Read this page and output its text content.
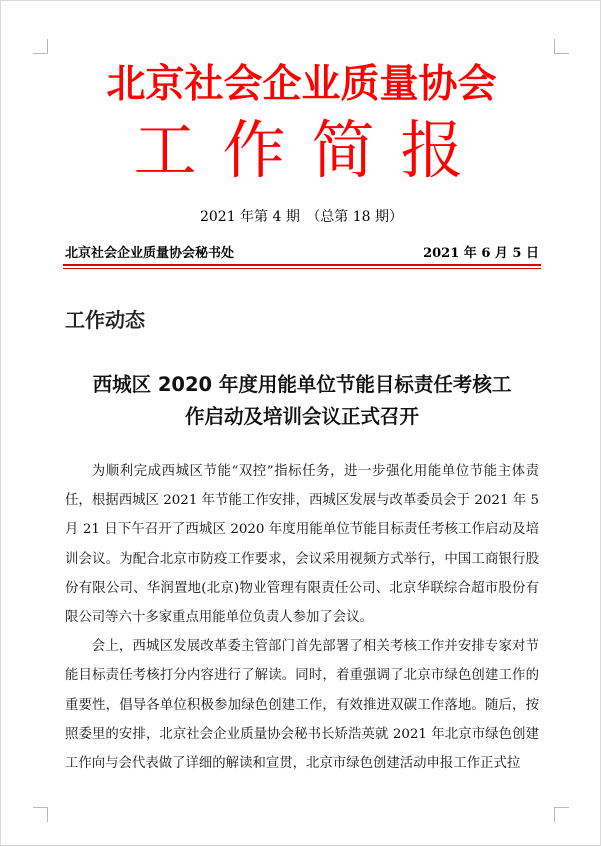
北京社会企业质量协会
工作简报
2021 年第 4 期 （总第 18 期）
北京社会企业质量协会秘书处	2021 年 6 月 5 日
工作动态
西城区 2020 年度用能单位节能目标责任考核工
作启动及培训会议正式召开

为顺利完成西城区节能“双控”指标任务，进一步强化用能单位节能主体责任，根据西城区 2021 年节能工作安排，西城区发展与改革委员会于 2021 年 5 月 21 日下午召开了西城区 2020 年度用能单位节能目标责任考核工作启动及培训会议。为配合北京市防疫工作要求，会议采用视频方式举行，中国工商银行股份有限公司、华润置地(北京)物业管理有限责任公司、北京华联综合超市股份有限公司等六十多家重点用能单位负责人参加了会议。

会上，西城区发展改革委主管部门首先部署了相关考核工作并安排专家对节能目标责任考核打分内容进行了解读。同时，着重强调了北京市绿色创建工作的重要性，倡导各单位积极参加绿色创建工作，有效推进双碳工作落地。随后，按照委里的安排，北京社会企业质量协会秘书长矫浩英就 2021 年北京市绿色创建工作向与会代表做了详细的解读和宣贯，北京市绿色创建活动申报工作正式拉
